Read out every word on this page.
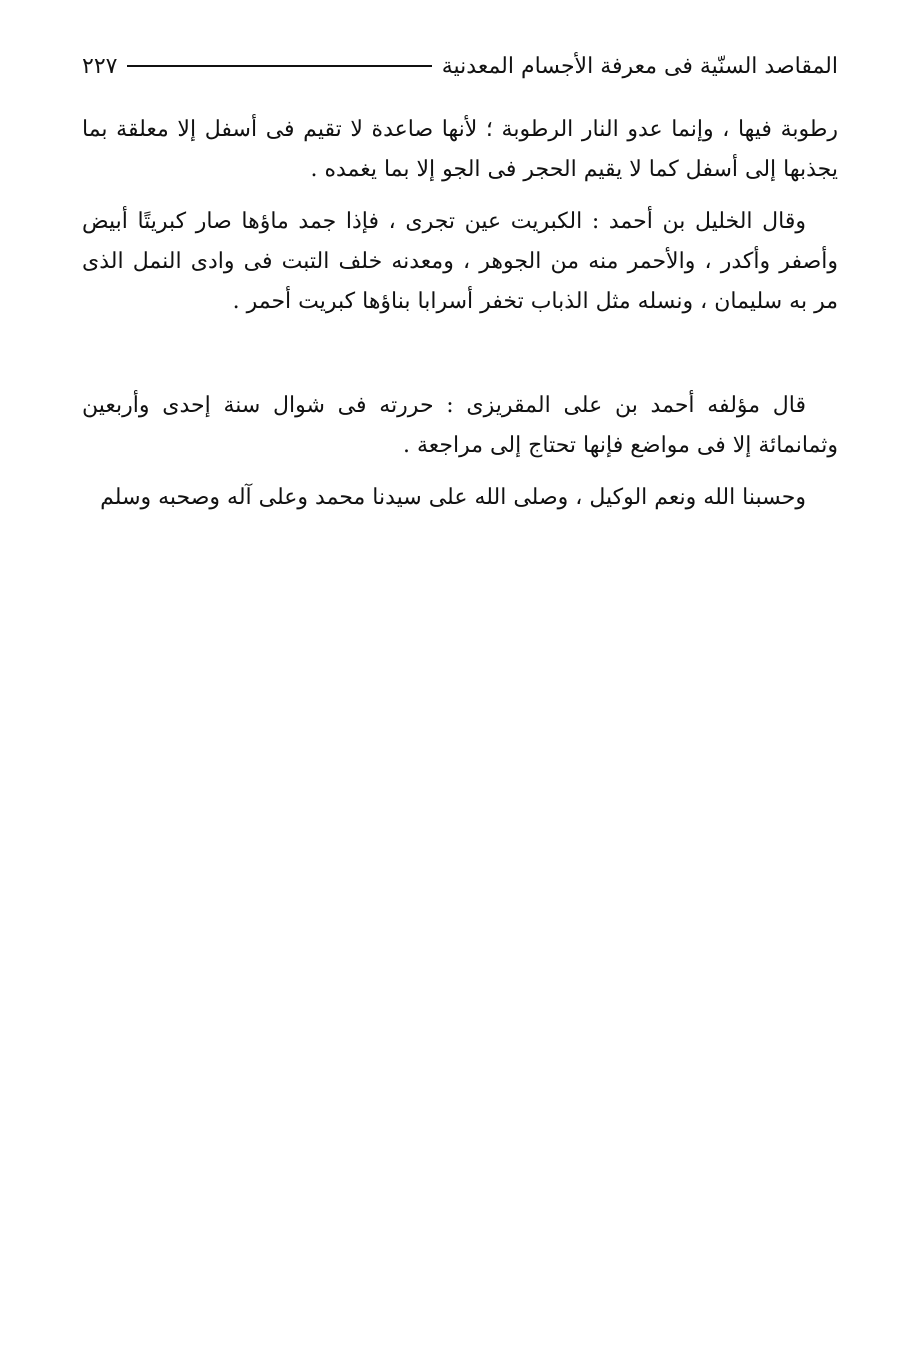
المقاصد السنّية فى معرفة الأجسام المعدنية
٢٢٧

رطوبة فيها ، وإنما عدو النار الرطوبة ؛ لأنها صاعدة لا تقيم فى أسفل إلا معلقة بما يجذبها إلى أسفل كما لا يقيم الحجر فى الجو إلا بما يغمده .

وقال الخليل بن أحمد : الكبريت عين تجرى ، فإذا جمد ماؤها صار كبريتًا أبيض وأصفر وأكدر ، والأحمر منه من الجوهر ، ومعدنه خلف التبت فى وادى النمل الذى مر به سليمان ، ونسله مثل الذباب تخفر أسرابا بناؤها كبريت أحمر .

قال مؤلفه أحمد بن على المقريزى : حررته فى شوال سنة إحدى وأربعين وثمانمائة إلا فى مواضع فإنها تحتاج إلى مراجعة .

وحسبنا الله ونعم الوكيل ، وصلى الله على سيدنا محمد وعلى آله وصحبه وسلم
